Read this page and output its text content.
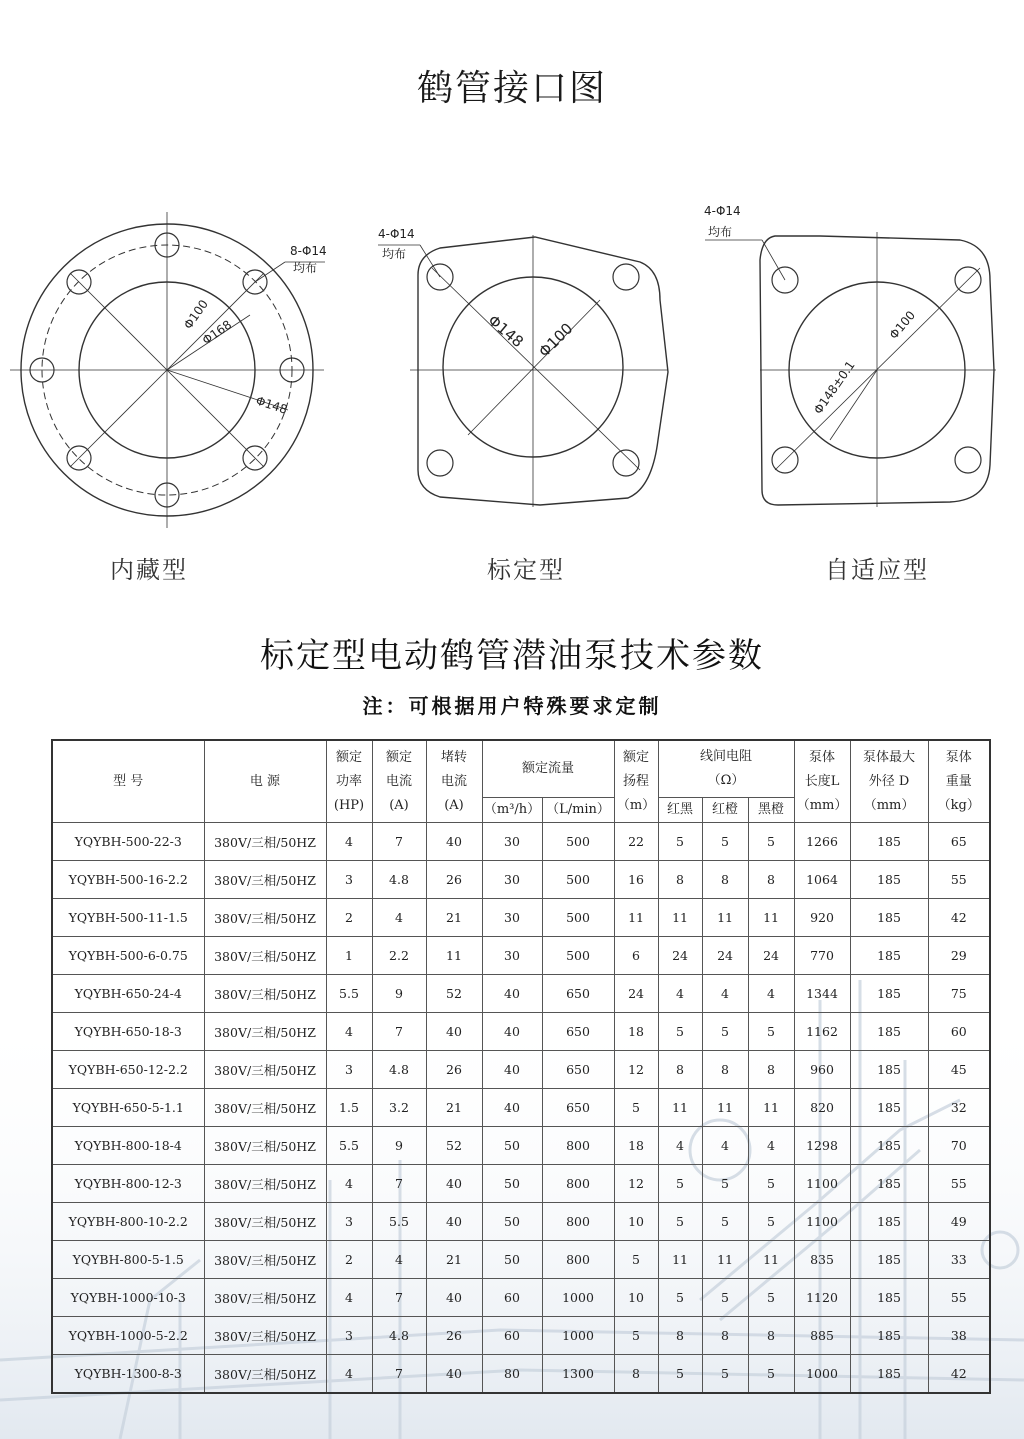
鹤管接口图
8-Φ14
均布
Φ100
Φ168
Φ148
4-Φ14
均布
Φ148 Φ100
4-Φ14
均布
Φ100
Φ148±0.1
内藏型	标定型	自适应型
标定型电动鹤管潜油泵技术参数
注：可根据用户特殊要求定制
型 号	电 源	额定
功率
(HP)	额定
电流
(A)	堵转
电流
(A)	额定流量		额定
扬程
（m）	线间电阻
（Ω）			泵体
长度L
（mm）	泵体最大
外径 D
（mm）	泵体
重量
（kg）
					（m³/h）	（L/min）		红黑	红橙	黑橙			
YQYBH-500-22-3	380V/三相/50HZ	4	7	40	30	500	22	5	5	5	1266	185	65
YQYBH-500-16-2.2	380V/三相/50HZ	3	4.8	26	30	500	16	8	8	8	1064	185	55
YQYBH-500-11-1.5	380V/三相/50HZ	2	4	21	30	500	11	11	11	11	920	185	42
YQYBH-500-6-0.75	380V/三相/50HZ	1	2.2	11	30	500	6	24	24	24	770	185	29
YQYBH-650-24-4	380V/三相/50HZ	5.5	9	52	40	650	24	4	4	4	1344	185	75
YQYBH-650-18-3	380V/三相/50HZ	4	7	40	40	650	18	5	5	5	1162	185	60
YQYBH-650-12-2.2	380V/三相/50HZ	3	4.8	26	40	650	12	8	8	8	960	185	45
YQYBH-650-5-1.1	380V/三相/50HZ	1.5	3.2	21	40	650	5	11	11	11	820	185	32
YQYBH-800-18-4	380V/三相/50HZ	5.5	9	52	50	800	18	4	4	4	1298	185	70
YQYBH-800-12-3	380V/三相/50HZ	4	7	40	50	800	12	5	5	5	1100	185	55
YQYBH-800-10-2.2	380V/三相/50HZ	3	5.5	40	50	800	10	5	5	5	1100	185	49
YQYBH-800-5-1.5	380V/三相/50HZ	2	4	21	50	800	5	11	11	11	835	185	33
YQYBH-1000-10-3	380V/三相/50HZ	4	7	40	60	1000	10	5	5	5	1120	185	55
YQYBH-1000-5-2.2	380V/三相/50HZ	3	4.8	26	60	1000	5	8	8	8	885	185	38
YQYBH-1300-8-3	380V/三相/50HZ	4	7	40	80	1300	8	5	5	5	1000	185	42
